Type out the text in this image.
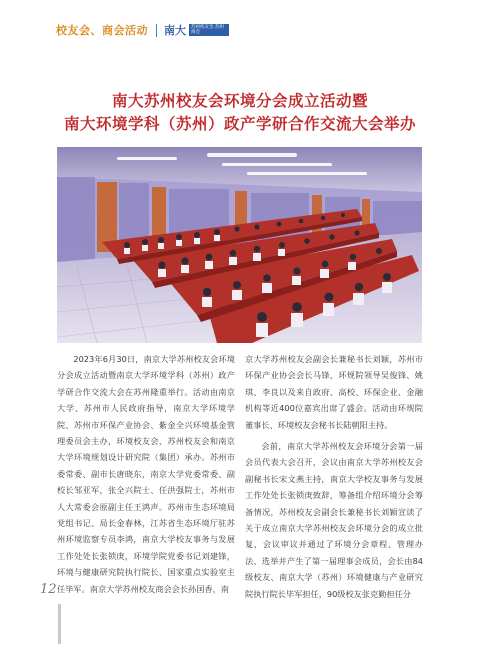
校友会、商会活动 南大	苏州校友会 苏州商会
南大苏州校友会环境分会成立活动暨
南大环境学科（苏州）政产学研合作交流大会举办

2023年6月30日，南京大学苏州校友会环境分会成立活动暨南京大学环境学科（苏州）政产学研合作交流大会在苏州隆重举行。活动由南京大学、苏州市人民政府指导，南京大学环境学院、苏州市环保产业协会、紫金全兴环境基金管理委员会主办，环境校友会、苏州校友会和南京大学环境规划设计研究院（集团）承办。苏州市委常委、副市长唐晓东，南京大学党委常委、副校长邹亚军，张全兴院士、任洪强院士，苏州市人大常委会原副主任王鸿声。苏州市生态环境局党组书记、局长金春林，江苏省生态环境厅驻苏州环境监察专员李鸿，南京大学校友事务与发展工作处处长张锁庚，环境学院党委书记刘建锋，环境与健康研究院执行院长、国家重点实验室主任毕军。南京大学苏州校友商会会长孙国香，南

京大学苏州校友会副会长兼秘书长刘颖，苏州市环保产业协会会长马锋，环规院领导吴俊锋、姚琪、李良以及来自政府、高校、环保企业、金融机构等近400位嘉宾出席了盛会。活动由环规院董事长、环境校友会秘书长陆朝阳主持。

会前，南京大学苏州校友会环境分会第一届会员代表大会召开，会议由南京大学苏州校友会副秘书长宋文燕主持，南京大学校友事务与发展工作处处长张锁庚致辞，筹备组介绍环境分会筹备情况，苏州校友会副会长兼秘书长刘颖宣读了关于成立南京大学苏州校友会环境分会的成立批复，会议审议并通过了环境分会章程、管理办法、选举并产生了第一届理事会成员，会长由84级校友、南京大学（苏州）环境健康与产业研究院执行院长毕军担任，90级校友张克勤担任分

12
